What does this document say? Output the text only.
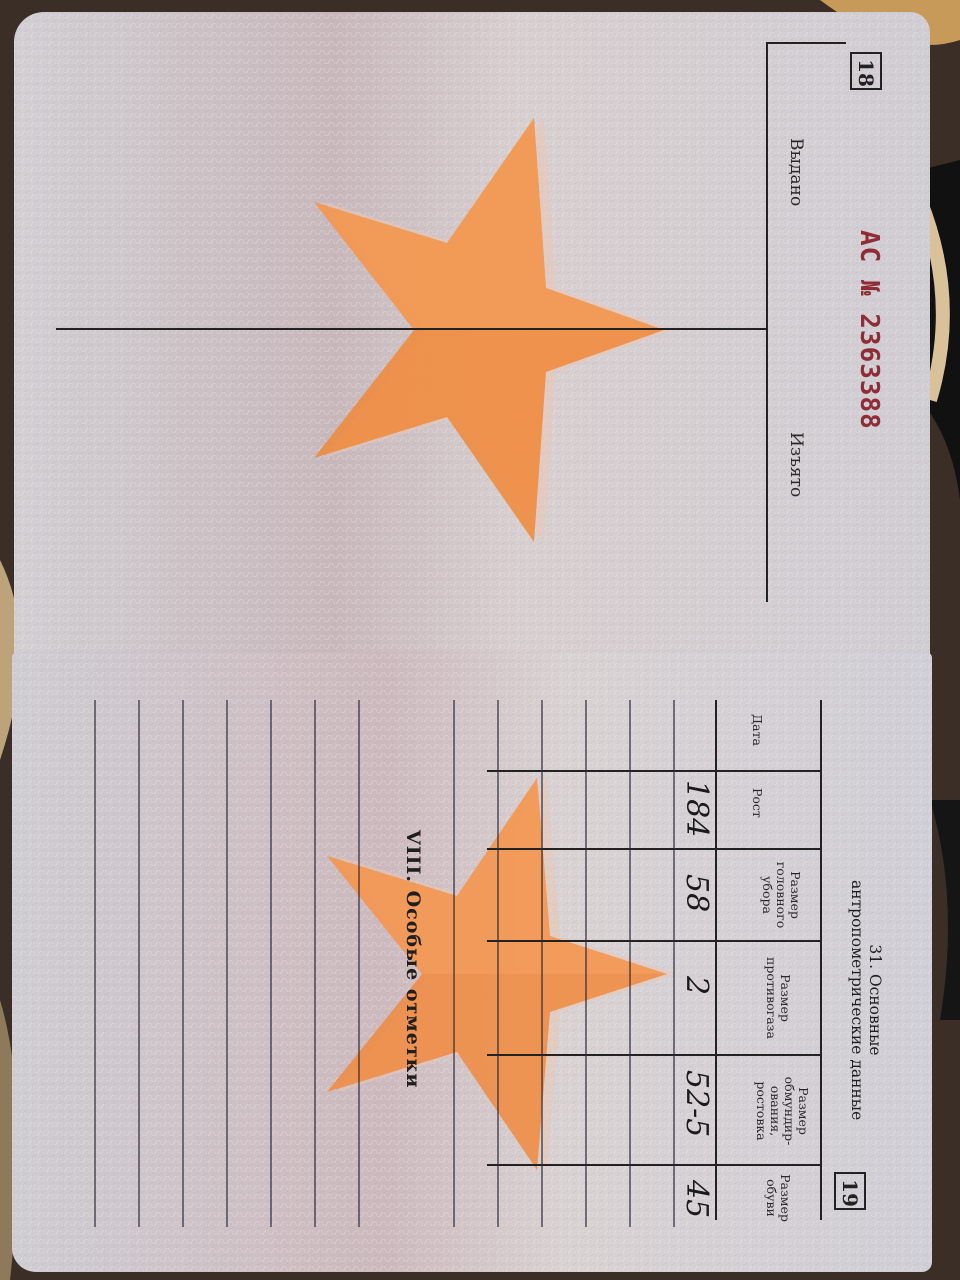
18
АС № 2363388
Выдано
Изъято
19
31. Основные
антропометрические данные
Дата
Рост
Размер
головного
убора
Размер
противогаза
Размер
обмундир-
ования,
ростовка
Размер
обуви
184
58
2
52-5
45
VIII. Особые отметки
